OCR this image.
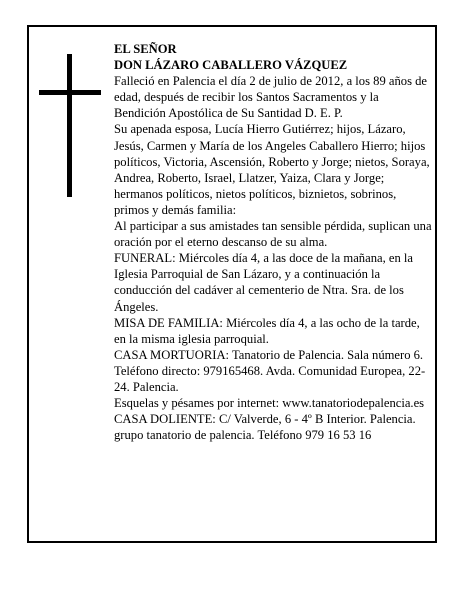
EL SEÑOR

DON LÁZARO CABALLERO VÁZQUEZ

Falleció en Palencia el día 2 de julio de 2012, a los 89 años de edad, después de recibir los Santos Sacramentos y la Bendición Apostólica de Su Santidad D. E. P.

Su apenada esposa, Lucía Hierro Gutiérrez; hijos, Lázaro, Jesús, Carmen y María de los Angeles Caballero Hierro; hijos políticos, Victoria, Ascensión, Roberto y Jorge; nietos, Soraya, Andrea, Roberto, Israel, Llatzer, Yaiza, Clara y Jorge; hermanos políticos, nietos políticos, biznietos, sobrinos, primos y demás familia:

Al participar a sus amistades tan sensible pérdida, suplican una oración por el eterno descanso de su alma.

FUNERAL: Miércoles día 4, a las doce de la mañana, en la Iglesia Parroquial de San Lázaro, y a continuación la conducción del cadáver al cementerio de Ntra. Sra. de los Ángeles.

MISA DE FAMILIA: Miércoles día 4, a las ocho de la tarde, en la misma iglesia parroquial.

CASA MORTUORIA: Tanatorio de Palencia. Sala número 6. Teléfono directo: 979165468. Avda. Comunidad Europea, 22-24. Palencia.

Esquelas y pésames por internet: www.tanatoriodepalencia.es

CASA DOLIENTE: C/ Valverde, 6 - 4º B Interior. Palencia.

grupo tanatorio de palencia. Teléfono 979 16 53 16
